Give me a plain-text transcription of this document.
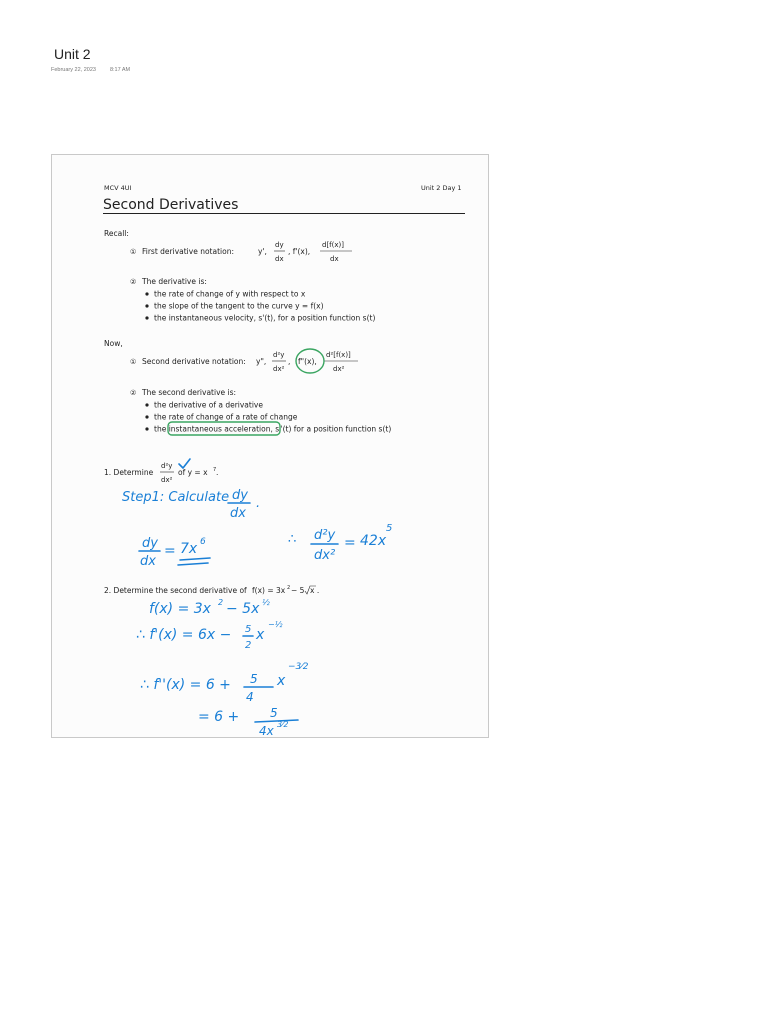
Unit 2
February 22, 2023	8:17 AM
MCV 4UI	Unit 2 Day 1
Second Derivatives
Recall:
① First derivative notation:	y',
dy
dx
, f'(x),
d[f(x)]
dx
② The derivative is:
the rate of change of y with respect to x
the slope of the tangent to the curve y = f(x)
the instantaneous velocity, s'(t), for a position function s(t)
Now,
① Second derivative notation: y",
d²y
dx²
, f"(x),
d²[f(x)]
dx²
② The second derivative is:
the derivative of a derivative
the rate of change of a rate of change
the instantaneous acceleration, s"(t) for a position function s(t)
1. Determine
d²y
dx²
of y = x 7 .
Step1: Calculate dy
dx
.
dy
dx
= 7x 6	∴ d²y
dx²
= 42x
5
2. Determine the second derivative of f(x) = 3x 2 − 5 x .
f(x) = 3x 2 − 5x ½
∴ f'(x) = 6x − 5
2
x
−½
∴ f''(x) = 6 + 5
4
x
−3⁄2
= 6 +	5
4x 3⁄2
